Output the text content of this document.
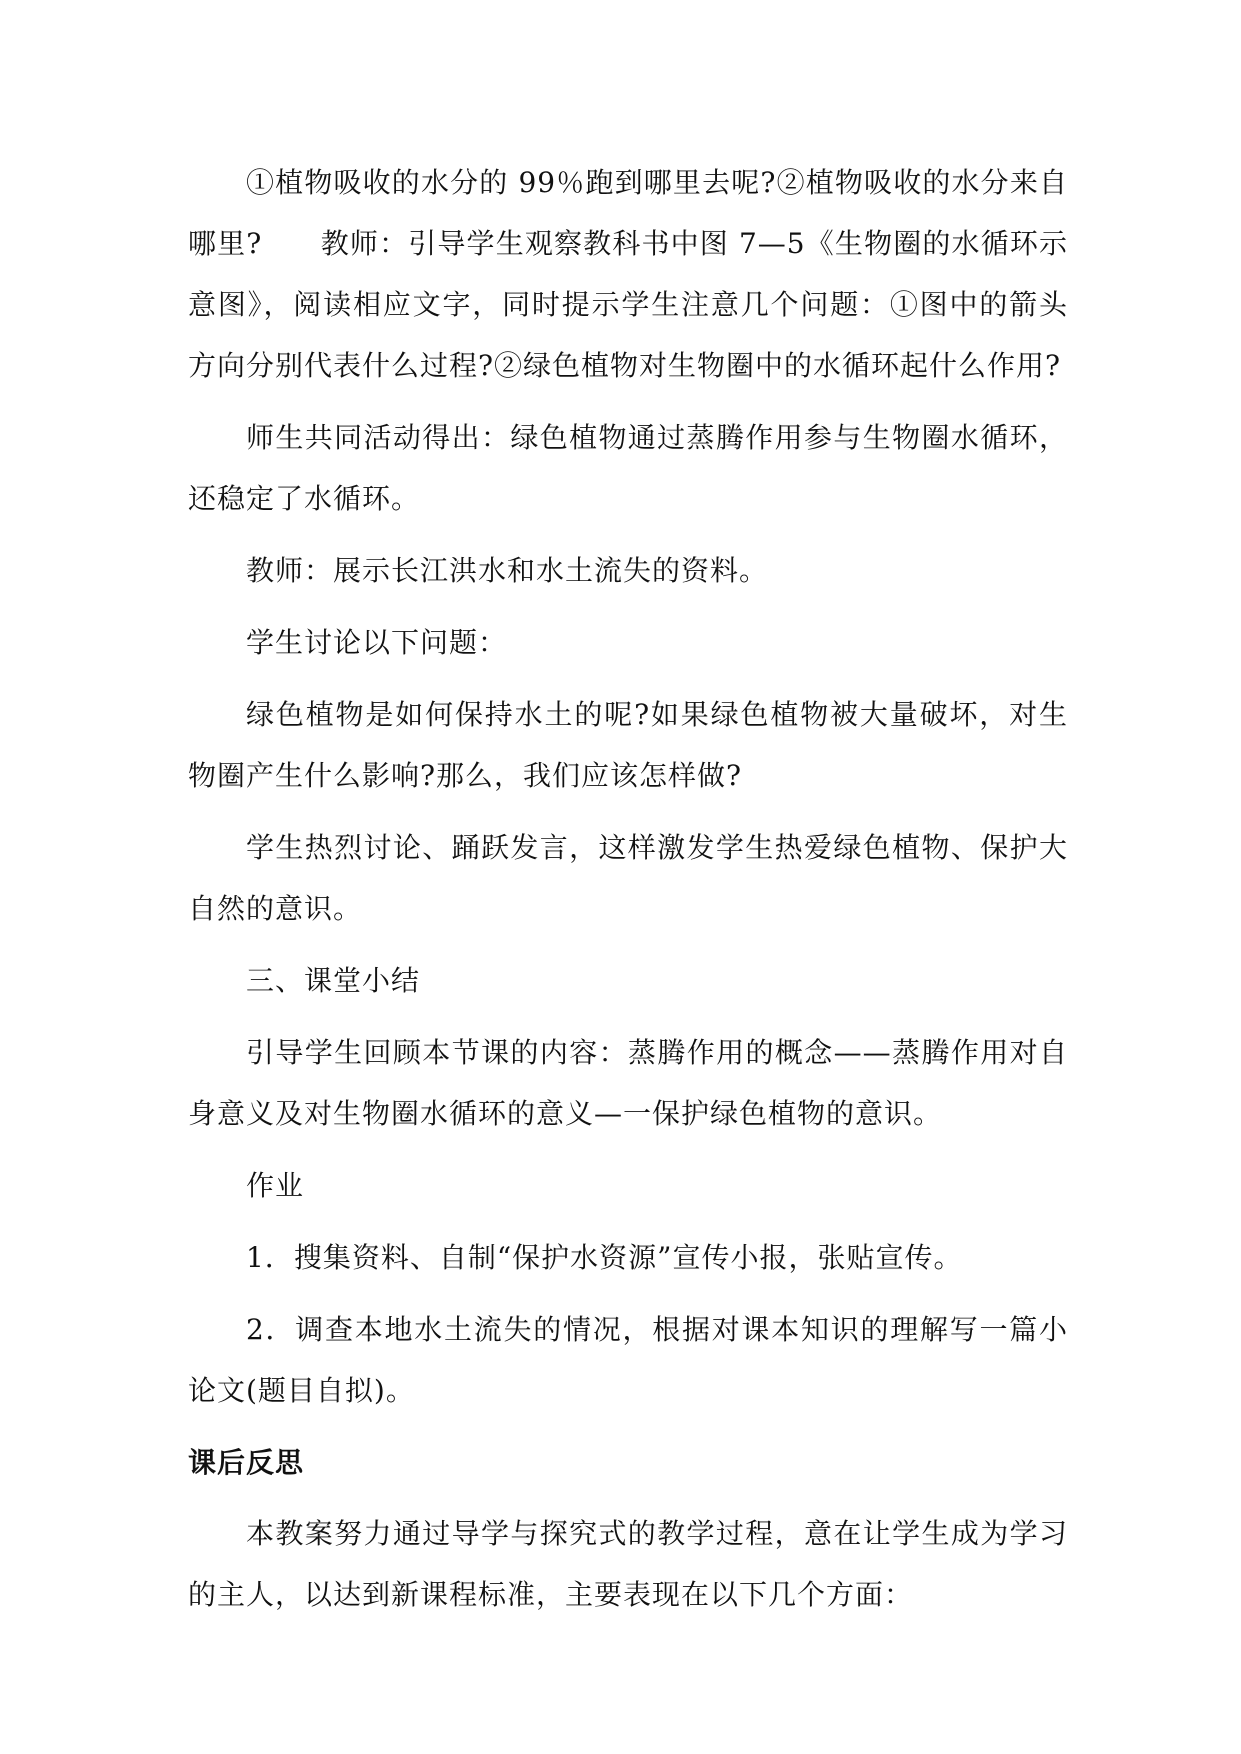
①植物吸收的水分的 99％跑到哪里去呢?②植物吸收的水分来自哪里?　　教师：引导学生观察教科书中图 7—5《生物圈的水循环示意图》，阅读相应文字，同时提示学生注意几个问题：①图中的箭头方向分别代表什么过程?②绿色植物对生物圈中的水循环起什么作用?

师生共同活动得出：绿色植物通过蒸腾作用参与生物圈水循环，还稳定了水循环。

教师：展示长江洪水和水土流失的资料。

学生讨论以下问题：

绿色植物是如何保持水土的呢?如果绿色植物被大量破坏，对生物圈产生什么影响?那么，我们应该怎样做?

学生热烈讨论、踊跃发言，这样激发学生热爱绿色植物、保护大自然的意识。

三、课堂小结

引导学生回顾本节课的内容：蒸腾作用的概念——蒸腾作用对自身意义及对生物圈水循环的意义—一保护绿色植物的意识。

作业

1．搜集资料、自制“保护水资源”宣传小报，张贴宣传。

2．调查本地水土流失的情况，根据对课本知识的理解写一篇小论文(题目自拟)。

课后反思

本教案努力通过导学与探究式的教学过程，意在让学生成为学习的主人，以达到新课程标准，主要表现在以下几个方面：
